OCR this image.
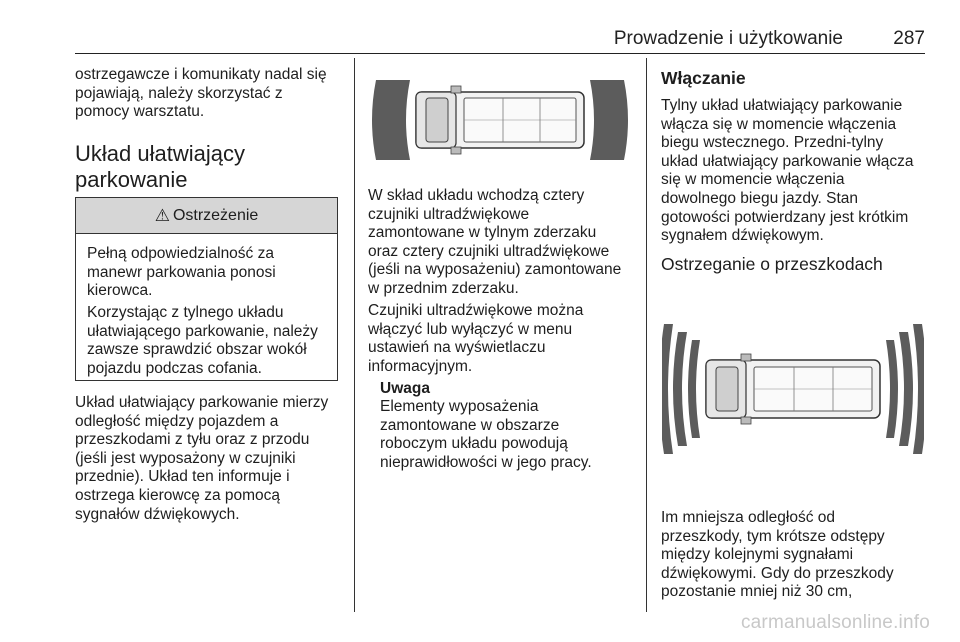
Prowadzenie i użytkowanie	287
ostrzegawcze i komunikaty nadal się
pojawiają, należy skorzystać z
pomocy warsztatu.
Układ ułatwiający
parkowanie
⚠ Ostrzeżenie
Pełną odpowiedzialność za
manewr parkowania ponosi
kierowca.
Korzystając z tylnego układu
ułatwiającego parkowanie, należy
zawsze sprawdzić obszar wokół
pojazdu podczas cofania.
Układ ułatwiający parkowanie mierzy
odległość między pojazdem a
przeszkodami z tyłu oraz z przodu
(jeśli jest wyposażony w czujniki
przednie). Układ ten informuje i
ostrzega kierowcę za pomocą
sygnałów dźwiękowych.
W skład układu wchodzą cztery
czujniki ultradźwiękowe
zamontowane w tylnym zderzaku
oraz cztery czujniki ultradźwiękowe
(jeśli na wyposażeniu) zamontowane
w przednim zderzaku.
Czujniki ultradźwiękowe można
włączyć lub wyłączyć w menu
ustawień na wyświetlaczu
informacyjnym.
Uwaga
Elementy wyposażenia
zamontowane w obszarze
roboczym układu powodują
nieprawidłowości w jego pracy.
Włączanie
Tylny układ ułatwiający parkowanie
włącza się w momencie włączenia
biegu wstecznego. Przedni-tylny
układ ułatwiający parkowanie włącza
się w momencie włączenia
dowolnego biegu jazdy. Stan
gotowości potwierdzany jest krótkim
sygnałem dźwiękowym.
Ostrzeganie o przeszkodach
Im mniejsza odległość od
przeszkody, tym krótsze odstępy
między kolejnymi sygnałami
dźwiękowymi. Gdy do przeszkody
pozostanie mniej niż 30 cm,
carmanualsonline.info
